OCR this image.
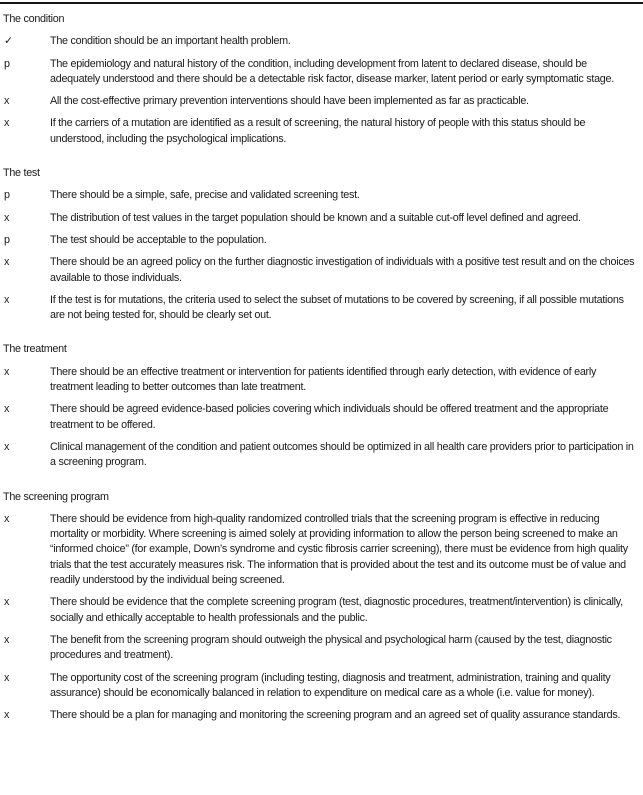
The condition
✓	The condition should be an important health problem.
p	The epidemiology and natural history of the condition, including development from latent to declared disease, should be adequately understood and there should be a detectable risk factor, disease marker, latent period or early symptomatic stage.
x	All the cost-effective primary prevention interventions should have been implemented as far as practicable.
x	If the carriers of a mutation are identified as a result of screening, the natural history of people with this status should be understood, including the psychological implications.
The test
p	There should be a simple, safe, precise and validated screening test.
x	The distribution of test values in the target population should be known and a suitable cut-off level defined and agreed.
p	The test should be acceptable to the population.
x	There should be an agreed policy on the further diagnostic investigation of individuals with a positive test result and on the choices available to those individuals.
x	If the test is for mutations, the criteria used to select the subset of mutations to be covered by screening, if all possible mutations are not being tested for, should be clearly set out.
The treatment
x	There should be an effective treatment or intervention for patients identified through early detection, with evidence of early treatment leading to better outcomes than late treatment.
x	There should be agreed evidence-based policies covering which individuals should be offered treatment and the appropriate treatment to be offered.
x	Clinical management of the condition and patient outcomes should be optimized in all health care providers prior to participation in a screening program.
The screening program
x	There should be evidence from high-quality randomized controlled trials that the screening program is effective in reducing mortality or morbidity. Where screening is aimed solely at providing information to allow the person being screened to make an “informed choice” (for example, Down’s syndrome and cystic fibrosis carrier screening), there must be evidence from high quality trials that the test accurately measures risk. The information that is provided about the test and its outcome must be of value and readily understood by the individual being screened.
x	There should be evidence that the complete screening program (test, diagnostic procedures, treatment/intervention) is clinically, socially and ethically acceptable to health professionals and the public.
x	The benefit from the screening program should outweigh the physical and psychological harm (caused by the test, diagnostic procedures and treatment).
x	The opportunity cost of the screening program (including testing, diagnosis and treatment, administration, training and quality assurance) should be economically balanced in relation to expenditure on medical care as a whole (i.e. value for money).
x	There should be a plan for managing and monitoring the screening program and an agreed set of quality assurance standards.
